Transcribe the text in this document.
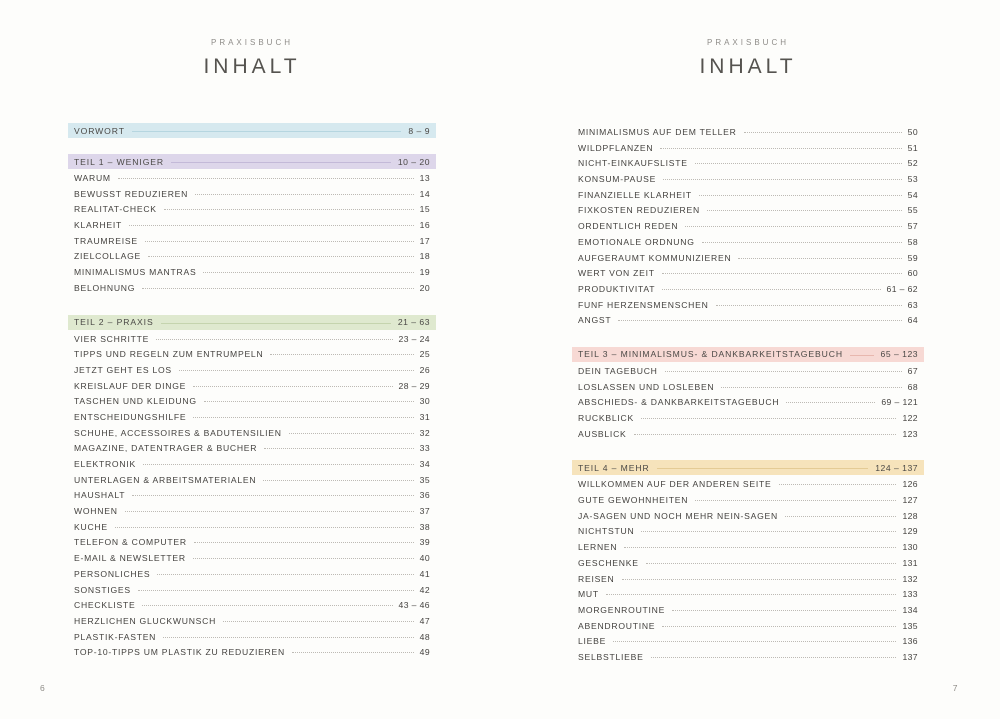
PRAXISBUCH
INHALT
VORWORT	8 – 9
TEIL 1 – WENIGER	10 – 20
WARUM	13
BEWUSST REDUZIEREN	14
REALITAT-CHECK	15
KLARHEIT	16
TRAUMREISE	17
ZIELCOLLAGE	18
MINIMALISMUS MANTRAS	19
BELOHNUNG	20
TEIL 2 – PRAXIS	21 – 63
VIER SCHRITTE	23 – 24
TIPPS UND REGELN ZUM ENTRUMPELN	25
JETZT GEHT ES LOS	26
KREISLAUF DER DINGE	28 – 29
TASCHEN UND KLEIDUNG	30
ENTSCHEIDUNGSHILFE	31
SCHUHE, ACCESSOIRES & BADUTENSILIEN	32
MAGAZINE, DATENTRAGER & BUCHER	33
ELEKTRONIK	34
UNTERLAGEN & ARBEITSMATERIALEN	35
HAUSHALT	36
WOHNEN	37
KUCHE	38
TELEFON & COMPUTER	39
E-MAIL & NEWSLETTER	40
PERSONLICHES	41
SONSTIGES	42
CHECKLISTE	43 – 46
HERZLICHEN GLUCKWUNSCH	47
PLASTIK-FASTEN	48
TOP-10-TIPPS UM PLASTIK ZU REDUZIEREN	49
6
PRAXISBUCH
INHALT
MINIMALISMUS AUF DEM TELLER	50
WILDPFLANZEN	51
NICHT-EINKAUFSLISTE	52
KONSUM-PAUSE	53
FINANZIELLE KLARHEIT	54
FIXKOSTEN REDUZIEREN	55
ORDENTLICH REDEN	57
EMOTIONALE ORDNUNG	58
AUFGERAUMT KOMMUNIZIEREN	59
WERT VON ZEIT	60
PRODUKTIVITAT	61 – 62
FUNF HERZENSMENSCHEN	63
ANGST	64
TEIL 3 – MINIMALISMUS- & DANKBARKEITSTAGEBUCH	65 – 123
DEIN TAGEBUCH	67
LOSLASSEN UND LOSLEBEN	68
ABSCHIEDS- & DANKBARKEITSTAGEBUCH	69 – 121
RUCKBLICK	122
AUSBLICK	123
TEIL 4 – MEHR	124 – 137
WILLKOMMEN AUF DER ANDEREN SEITE	126
GUTE GEWOHNHEITEN	127
JA-SAGEN UND NOCH MEHR NEIN-SAGEN	128
NICHTSTUN	129
LERNEN	130
GESCHENKE	131
REISEN	132
MUT	133
MORGENROUTINE	134
ABENDROUTINE	135
LIEBE	136
SELBSTLIEBE	137
7
